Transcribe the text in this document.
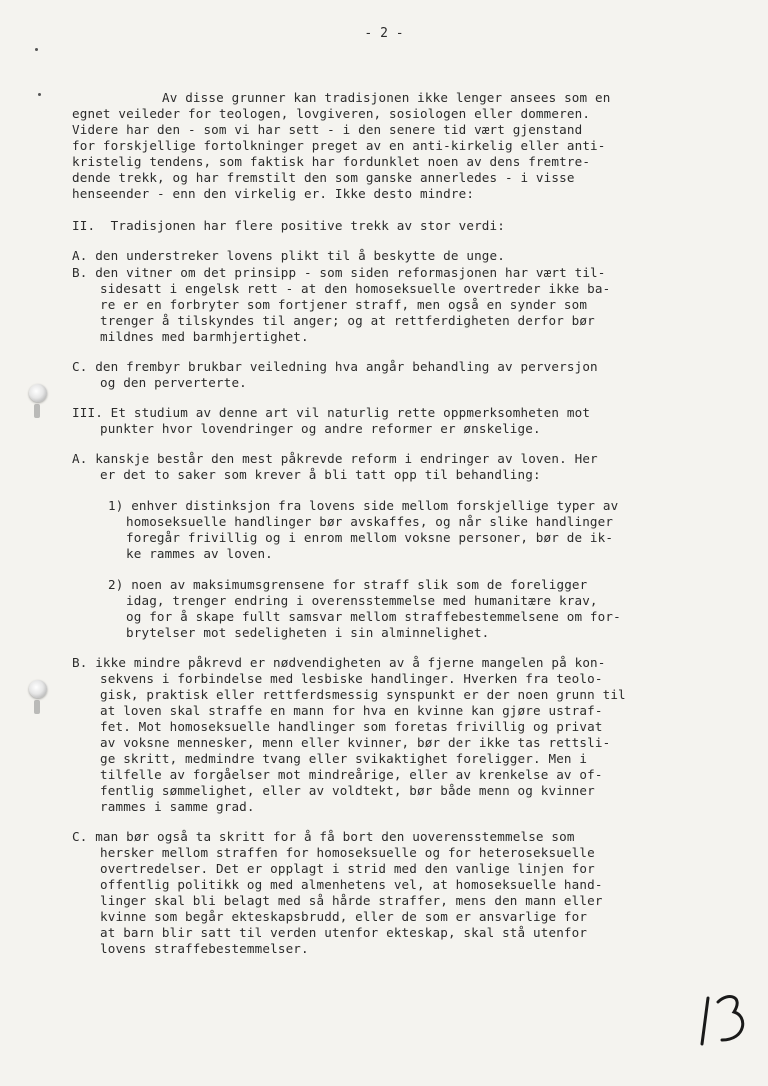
- 2 -
Av disse grunner kan tradisjonen ikke lenger ansees som en
egnet veileder for teologen, lovgiveren, sosiologen eller dommeren.
Videre har den - som vi har sett - i den senere tid vært gjenstand
for forskjellige fortolkninger preget av en anti-kirkelig eller anti-
kristelig tendens, som faktisk har fordunklet noen av dens fremtre-
dende trekk, og har fremstilt den som ganske annerledes - i visse
henseender - enn den virkelig er. Ikke desto mindre:
II.  Tradisjonen har flere positive trekk av stor verdi:
A. den understreker lovens plikt til å beskytte de unge.
B. den vitner om det prinsipp - som siden reformasjonen har vært til-
sidesatt i engelsk rett - at den homoseksuelle overtreder ikke ba-
re er en forbryter som fortjener straff, men også en synder som
trenger å tilskyndes til anger; og at rettferdigheten derfor bør
mildnes med barmhjertighet.
C. den frembyr brukbar veiledning hva angår behandling av perversjon
og den perverterte.
III. Et studium av denne art vil naturlig rette oppmerksomheten mot
punkter hvor lovendringer og andre reformer er ønskelige.
A. kanskje består den mest påkrevde reform i endringer av loven. Her
er det to saker som krever å bli tatt opp til behandling:
1) enhver distinksjon fra lovens side mellom forskjellige typer av
homoseksuelle handlinger bør avskaffes, og når slike handlinger
foregår frivillig og i enrom mellom voksne personer, bør de ik-
ke rammes av loven.
2) noen av maksimumsgrensene for straff slik som de foreligger
idag, trenger endring i overensstemmelse med humanitære krav,
og for å skape fullt samsvar mellom straffebestemmelsene om for-
brytelser mot sedeligheten i sin alminnelighet.
B. ikke mindre påkrevd er nødvendigheten av å fjerne mangelen på kon-
sekvens i forbindelse med lesbiske handlinger. Hverken fra teolo-
gisk, praktisk eller rettferdsmessig synspunkt er der noen grunn til
at loven skal straffe en mann for hva en kvinne kan gjøre ustraf-
fet. Mot homoseksuelle handlinger som foretas frivillig og privat
av voksne mennesker, menn eller kvinner, bør der ikke tas rettsli-
ge skritt, medmindre tvang eller svikaktighet foreligger. Men i
tilfelle av forgåelser mot mindreårige, eller av krenkelse av of-
fentlig sømmelighet, eller av voldtekt, bør både menn og kvinner
rammes i samme grad.
C. man bør også ta skritt for å få bort den uoverensstemmelse som
hersker mellom straffen for homoseksuelle og for heteroseksuelle
overtredelser. Det er opplagt i strid med den vanlige linjen for
offentlig politikk og med almenhetens vel, at homoseksuelle hand-
linger skal bli belagt med så hårde straffer, mens den mann eller
kvinne som begår ekteskapsbrudd, eller de som er ansvarlige for
at barn blir satt til verden utenfor ekteskap, skal stå utenfor
lovens straffebestemmelser.
